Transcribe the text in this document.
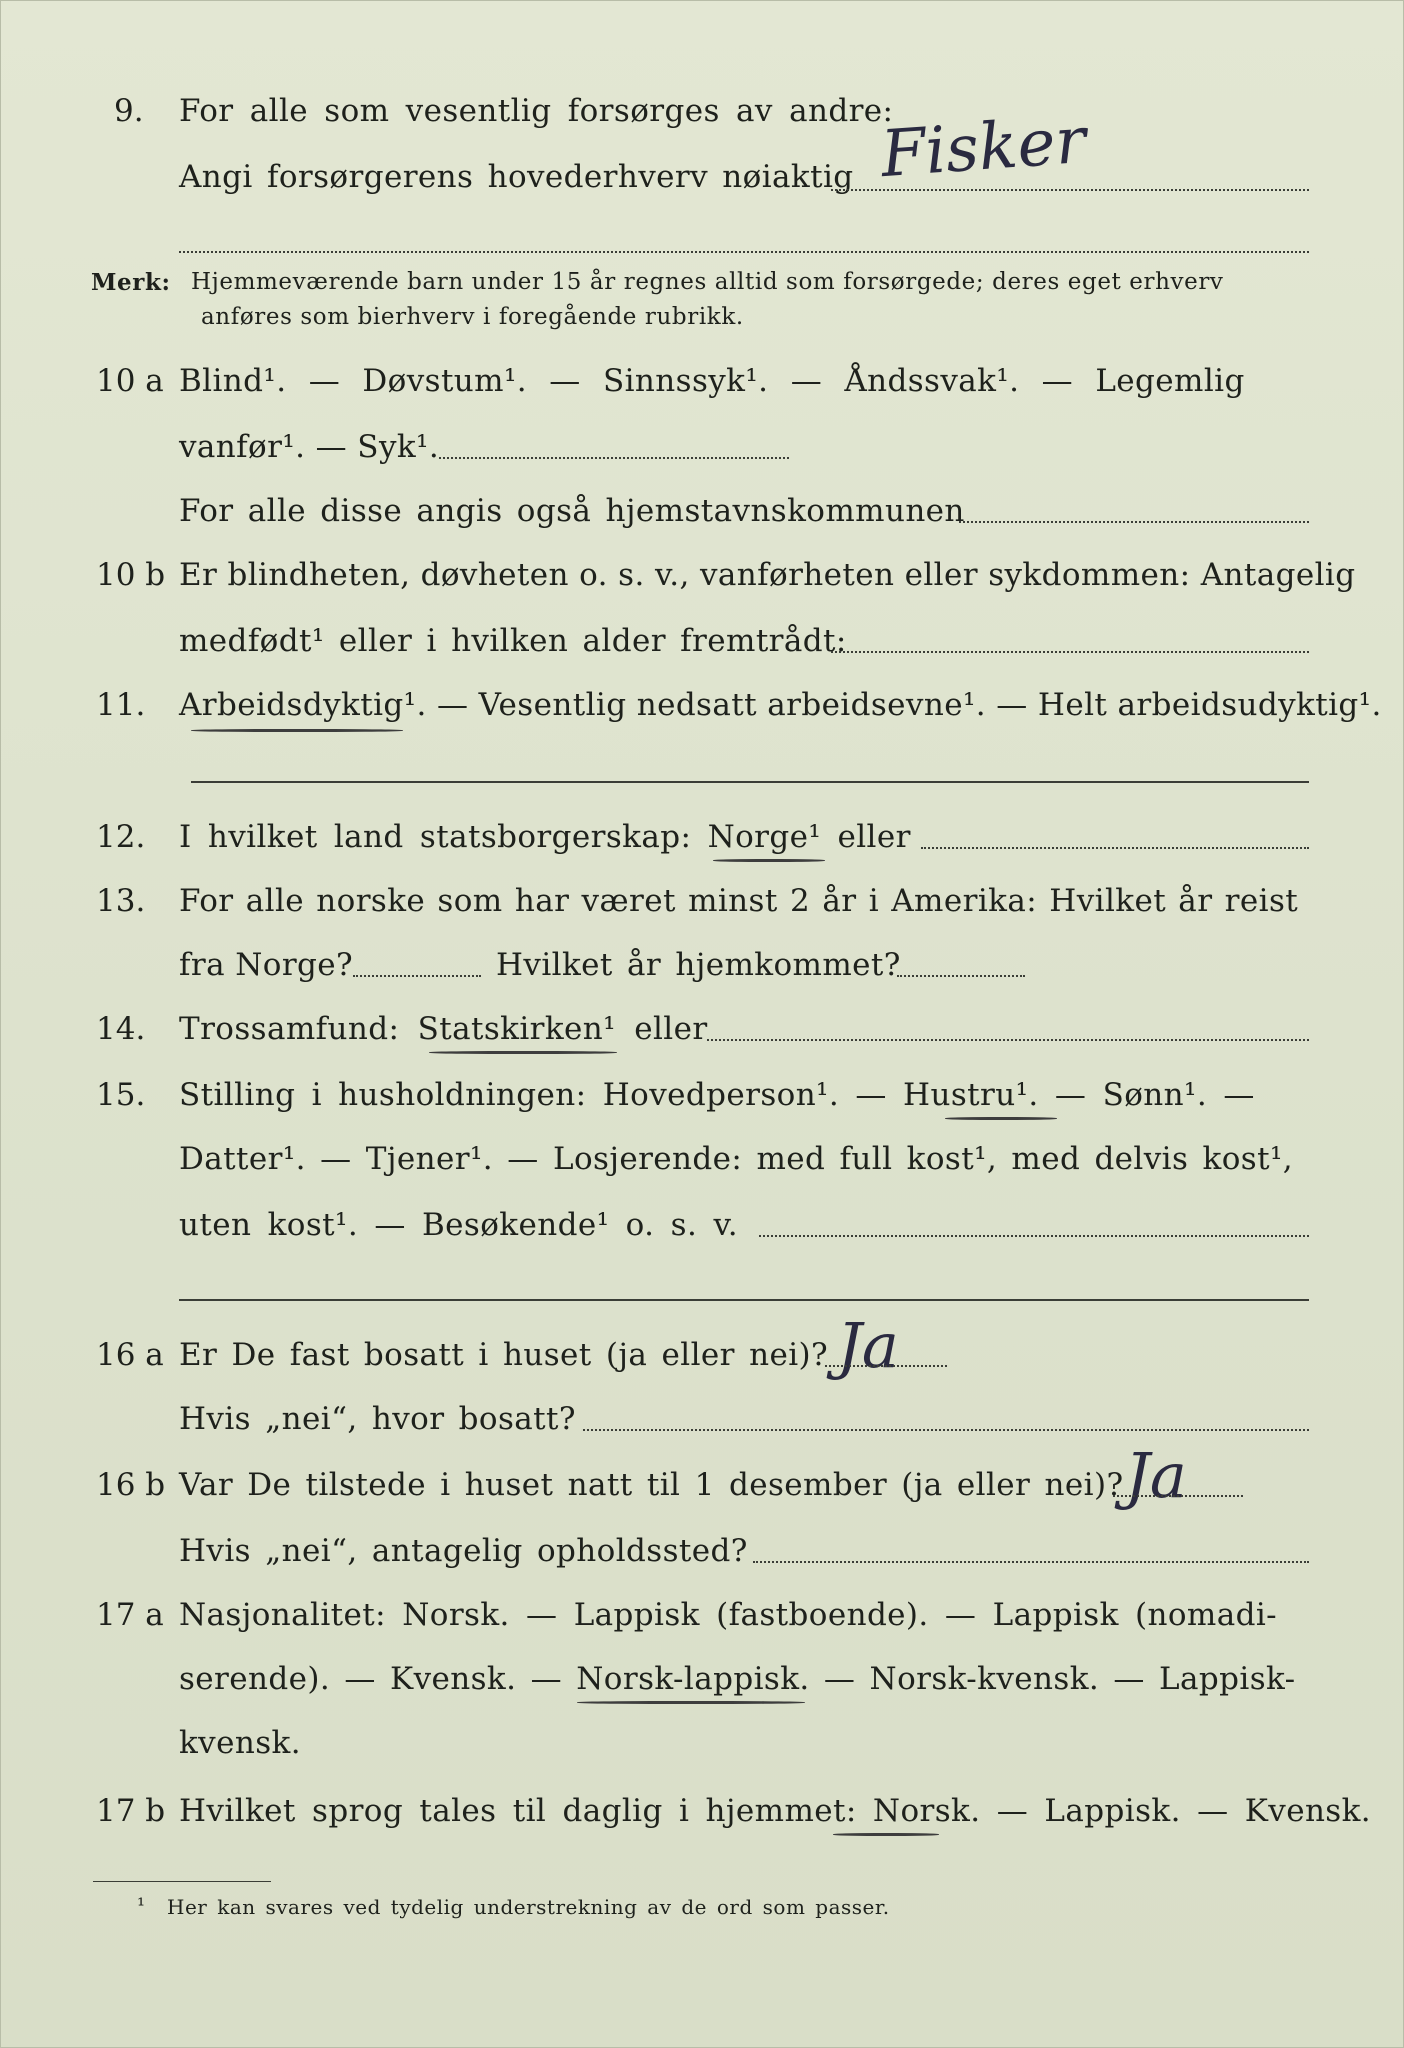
9. For alle som vesentlig forsørges av andre:
Angi forsørgerens hovederhverv nøiaktig Fisker
Merk: Hjemmeværende barn under 15 år regnes alltid som forsørgede; deres eget erhverv
anføres som bierhverv i foregående rubrikk.
10 a Blind¹. — Døvstum¹. — Sinnssyk¹. — Åndssvak¹. — Legemlig
vanfør¹. — Syk¹.
For alle disse angis også hjemstavnskommunen
10 b Er blindheten, døvheten o. s. v., vanførheten eller sykdommen: Antagelig
medfødt¹ eller i hvilken alder fremtrådt:
11. Arbeidsdyktig¹. — Vesentlig nedsatt arbeidsevne¹. — Helt arbeidsudyktig¹.
12. I hvilket land statsborgerskap: Norge¹ eller
13. For alle norske som har været minst 2 år i Amerika: Hvilket år reist
fra Norge?	Hvilket år hjemkommet?
14. Trossamfund: Statskirken¹ eller
15. Stilling i husholdningen: Hovedperson¹. — Hustru¹. — Sønn¹. —
Datter¹. — Tjener¹. — Losjerende: med full kost¹, med delvis kost¹,
uten kost¹. — Besøkende¹ o. s. v.
16 a Er De fast bosatt i huset (ja eller nei)? Ja
Hvis „nei“, hvor bosatt?
16 b Var De tilstede i huset natt til 1 desember (ja eller nei)? Ja
Hvis „nei“, antagelig opholdssted?
17 a Nasjonalitet: Norsk. — Lappisk (fastboende). — Lappisk (nomadi-
serende). — Kvensk. — Norsk-lappisk. — Norsk-kvensk. — Lappisk-
kvensk.
17 b Hvilket sprog tales til daglig i hjemmet: Norsk. — Lappisk. — Kvensk.
¹ Her kan svares ved tydelig understrekning av de ord som passer.
